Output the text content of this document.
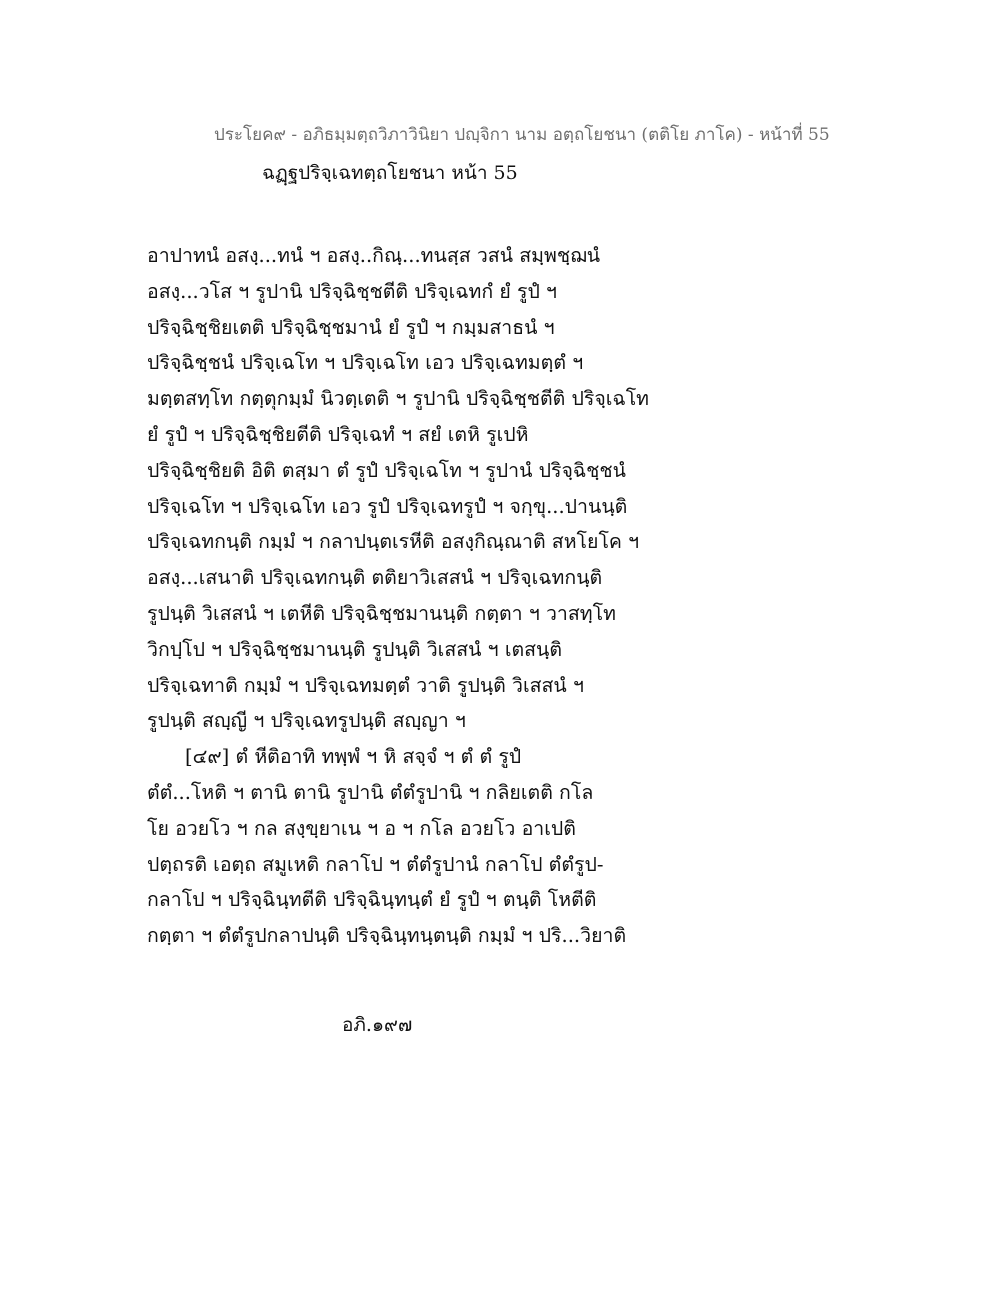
ประโยค๙ - อภิธมฺมตฺถวิภาวินิยา ปญฺจิกา นาม อตฺถโยชนา (ตติโย ภาโค) - หน้าที่ 55
ฉฏฺฐปริจฺเฉทตฺถโยชนา หน้า 55
อาปาทนํ อสงฺ...ทนํ ฯ อสงฺ..กิณฺ...ทนสฺส วสนํ สมฺพชฺฌนํ
อสงฺ...วโส ฯ รูปานิ ปริจฺฉิชฺชตีติ ปริจฺเฉทกํ ยํ รูปํ ฯ
ปริจฺฉิชฺชิยเตติ ปริจฺฉิชฺชมานํ ยํ รูปํ ฯ กมฺมสาธนํ ฯ
ปริจฺฉิชฺชนํ ปริจฺเฉโท ฯ ปริจฺเฉโท เอว ปริจฺเฉทมตฺตํ ฯ
มตฺตสทฺโท กตฺตุกมฺมํ นิวตฺเตติ ฯ รูปานิ ปริจฺฉิชฺชตีติ ปริจฺเฉโท
ยํ รูปํ ฯ ปริจฺฉิชฺชิยตีติ ปริจฺเฉทํ ฯ สยํ เตหิ รูเปหิ
ปริจฺฉิชฺชิยติ อิติ ตสฺมา ตํ รูปํ ปริจฺเฉโท ฯ รูปานํ ปริจฺฉิชฺชนํ
ปริจฺเฉโท ฯ ปริจฺเฉโท เอว รูปํ ปริจฺเฉทรูปํ ฯ จกฺขุ...ปานนฺติ
ปริจฺเฉทกนฺติ กมฺมํ ฯ กลาปนฺตเรหีติ อสงฺกิณฺณาติ สหโยโค ฯ
อสงฺ...เสนาติ ปริจฺเฉทกนฺติ ตติยาวิเสสนํ ฯ ปริจฺเฉทกนฺติ
รูปนฺติ วิเสสนํ ฯ เตหีติ ปริจฺฉิชฺชมานนฺติ กตฺตา ฯ วาสทฺโท
วิกปฺโป ฯ ปริจฺฉิชฺชมานนฺติ รูปนฺติ วิเสสนํ ฯ เตสนฺติ
ปริจฺเฉทาติ กมฺมํ ฯ ปริจฺเฉทมตฺตํ วาติ รูปนฺติ วิเสสนํ ฯ
รูปนฺติ สญฺญี ฯ ปริจฺเฉทรูปนฺติ สญฺญา ฯ
[๔๙] ตํ หีติอาทิ ทพฺพํ ฯ หิ สจฺจํ ฯ ตํ ตํ รูปํ
ตํตํ...โหติ ฯ ตานิ ตานิ รูปานิ ตํตํรูปานิ ฯ กลิยเตติ กโล
โย อวยโว ฯ กล สงฺขฺยาเน ฯ อ ฯ กโล อวยโว อาเปติ
ปตฺถรติ เอตฺถ สมูเหติ กลาโป ฯ ตํตํรูปานํ กลาโป ตํตํรูป-
กลาโป ฯ ปริจฺฉินฺทตีติ ปริจฺฉินฺทนฺตํ ยํ รูปํ ฯ ตนฺติ โหตีติ
กตฺตา ฯ ตํตํรูปกลาปนฺติ ปริจฺฉินฺทนฺตนฺติ กมฺมํ ฯ ปริ...วิยาติ
อภิ.๑๙๗
